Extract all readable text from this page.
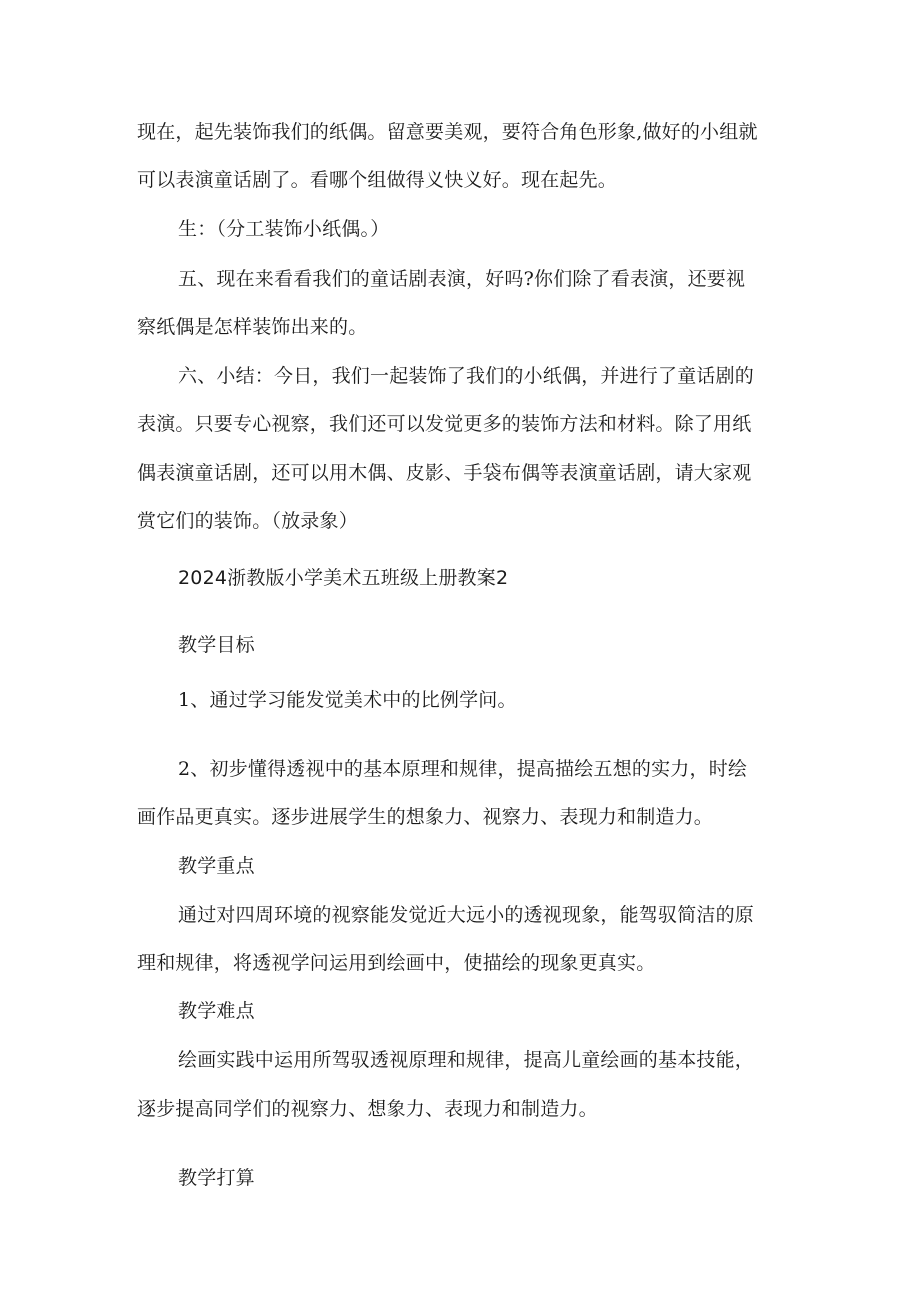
现在，起先装饰我们的纸偶。留意要美观，要符合角色形象,做好的小组就
可以表演童话剧了。看哪个组做得义快义好。现在起先。
生：（分工装饰小纸偶。）
五、现在来看看我们的童话剧表演，好吗?你们除了看表演，还要视
察纸偶是怎样装饰出来的。
六、小结：今日，我们一起装饰了我们的小纸偶，并进行了童话剧的
表演。只要专心视察，我们还可以发觉更多的装饰方法和材料。除了用纸
偶表演童话剧，还可以用木偶、皮影、手袋布偶等表演童话剧，请大家观
赏它们的装饰。（放录象）
2024浙教版小学美术五班级上册教案2
教学目标
1、通过学习能发觉美术中的比例学问。
2、初步懂得透视中的基本原理和规律，提高描绘五想的实力，时绘
画作品更真实。逐步进展学生的想象力、视察力、表现力和制造力。
教学重点
通过对四周环境的视察能发觉近大远小的透视现象，能驾驭简洁的原
理和规律，将透视学问运用到绘画中，使描绘的现象更真实。
教学难点
绘画实践中运用所驾驭透视原理和规律，提高儿童绘画的基本技能，
逐步提高同学们的视察力、想象力、表现力和制造力。
教学打算
